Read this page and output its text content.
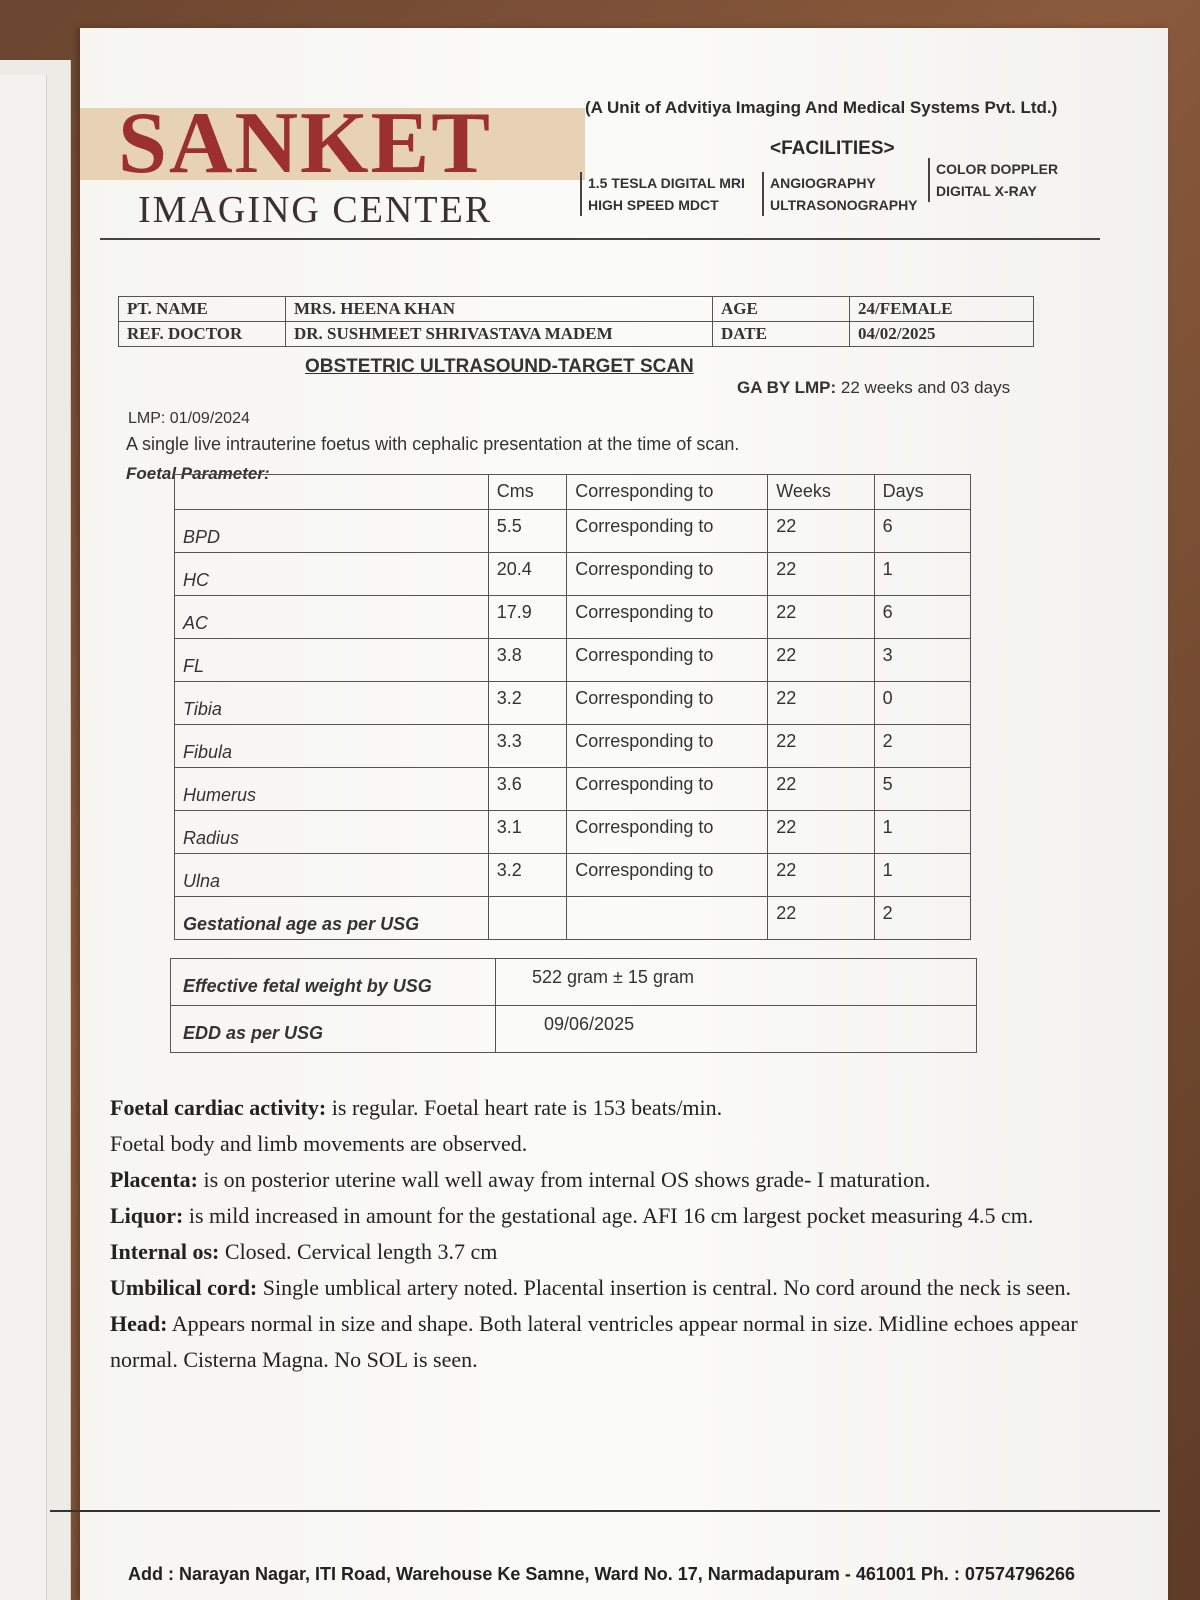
SANKET
IMAGING CENTER
(A Unit of Advitiya Imaging And Medical Systems Pvt. Ltd.)
<FACILITIES>
1.5 TESLA DIGITAL MRI
HIGH SPEED MDCT
ANGIOGRAPHY
ULTRASONOGRAPHY
COLOR DOPPLER
DIGITAL X-RAY
PT. NAME	MRS. HEENA KHAN	AGE	24/FEMALE
REF. DOCTOR	DR. SUSHMEET SHRIVASTAVA MADEM	DATE	04/02/2025
OBSTETRIC ULTRASOUND-TARGET SCAN
GA BY LMP: 22 weeks and 03 days
LMP: 01/09/2024
A single live intrauterine foetus with cephalic presentation at the time of scan.
Foetal Parameter:
	Cms	Corresponding to	Weeks	Days
BPD	5.5	Corresponding to	22	6
HC	20.4	Corresponding to	22	1
AC	17.9	Corresponding to	22	6
FL	3.8	Corresponding to	22	3
Tibia	3.2	Corresponding to	22	0
Fibula	3.3	Corresponding to	22	2
Humerus	3.6	Corresponding to	22	5
Radius	3.1	Corresponding to	22	1
Ulna	3.2	Corresponding to	22	1
Gestational age as per USG			22	2
Effective fetal weight by USG	522 gram ± 15 gram
EDD as per USG	09/06/2025

Foetal cardiac activity: is regular. Foetal heart rate is 153 beats/min.

Foetal body and limb movements are observed.

Placenta: is on posterior uterine wall well away from internal OS shows grade- I maturation.

Liquor: is mild increased in amount for the gestational age. AFI 16 cm largest pocket measuring 4.5 cm.

Internal os: Closed. Cervical length 3.7 cm

Umbilical cord: Single umblical artery noted. Placental insertion is central. No cord around the neck is seen.

Head: Appears normal in size and shape. Both lateral ventricles appear normal in size. Midline echoes appear normal. Cisterna Magna. No SOL is seen.

Add : Narayan Nagar, ITI Road, Warehouse Ke Samne, Ward No. 17, Narmadapuram - 461001 Ph. : 07574796266
